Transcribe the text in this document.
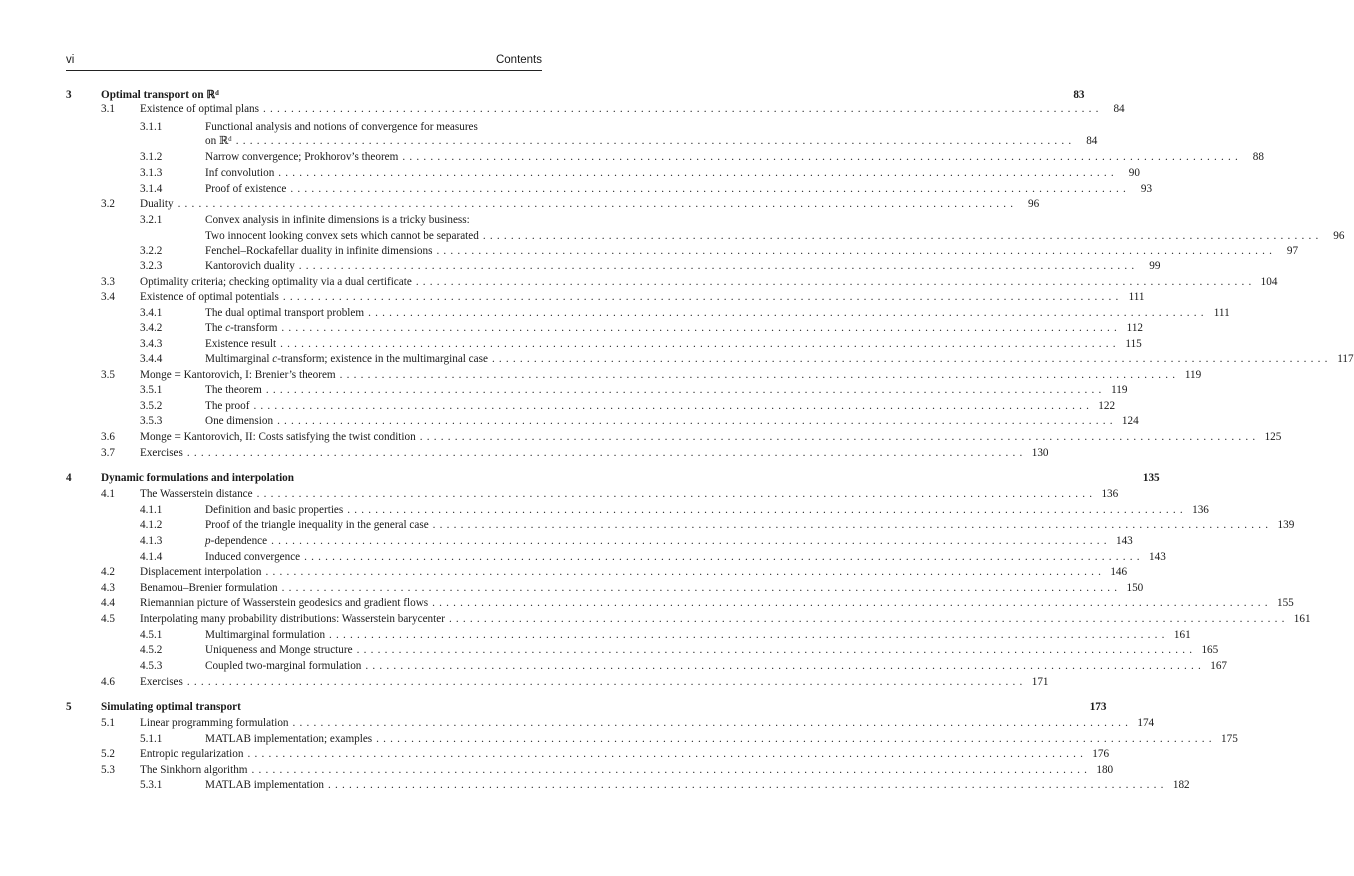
vi	Contents
3	Optimal transport on ℝᵈ	83
3.1 Existence of optimal plans ........................................................................................................................ 84
3.1.1	Functional analysis and notions of convergence for measures
on ℝᵈ ........................................................................................................................ 84
3.1.2	Narrow convergence; Prokhorov’s theorem ........................................................................................................................ 88
3.1.3	Inf convolution ........................................................................................................................ 90
3.1.4	Proof of existence ........................................................................................................................ 93
3.2 Duality ........................................................................................................................ 96
3.2.1	Convex analysis in infinite dimensions is a tricky business:
Two innocent looking convex sets which cannot be separated ........................................................................................................................ 96
3.2.2	Fenchel–Rockafellar duality in infinite dimensions ........................................................................................................................ 97
3.2.3	Kantorovich duality ........................................................................................................................ 99
3.3 Optimality criteria; checking optimality via a dual certificate ........................................................................................................................ 104
3.4 Existence of optimal potentials ........................................................................................................................ 111
3.4.1	The dual optimal transport problem ........................................................................................................................ 111
3.4.2	The c-transform ........................................................................................................................ 112
3.4.3	Existence result ........................................................................................................................ 115
3.4.4	Multimarginal c-transform; existence in the multimarginal case ........................................................................................................................ 117
3.5 Monge = Kantorovich, I: Brenier’s theorem ........................................................................................................................ 119
3.5.1	The theorem ........................................................................................................................ 119
3.5.2	The proof ........................................................................................................................ 122
3.5.3	One dimension ........................................................................................................................ 124
3.6 Monge = Kantorovich, II: Costs satisfying the twist condition ........................................................................................................................ 125
3.7 Exercises ........................................................................................................................ 130
4	Dynamic formulations and interpolation	135
4.1 The Wasserstein distance ........................................................................................................................ 136
4.1.1	Definition and basic properties ........................................................................................................................ 136
4.1.2	Proof of the triangle inequality in the general case ........................................................................................................................ 139
4.1.3	p-dependence ........................................................................................................................ 143
4.1.4	Induced convergence ........................................................................................................................ 143
4.2 Displacement interpolation ........................................................................................................................ 146
4.3 Benamou–Brenier formulation ........................................................................................................................ 150
4.4 Riemannian picture of Wasserstein geodesics and gradient flows ........................................................................................................................ 155
4.5 Interpolating many probability distributions: Wasserstein barycenter ........................................................................................................................ 161
4.5.1	Multimarginal formulation ........................................................................................................................ 161
4.5.2	Uniqueness and Monge structure ........................................................................................................................ 165
4.5.3	Coupled two-marginal formulation ........................................................................................................................ 167
4.6 Exercises ........................................................................................................................ 171
5	Simulating optimal transport	173
5.1 Linear programming formulation ........................................................................................................................ 174
5.1.1	MATLAB implementation; examples ........................................................................................................................ 175
5.2 Entropic regularization ........................................................................................................................ 176
5.3 The Sinkhorn algorithm ........................................................................................................................ 180
5.3.1	MATLAB implementation ........................................................................................................................ 182
